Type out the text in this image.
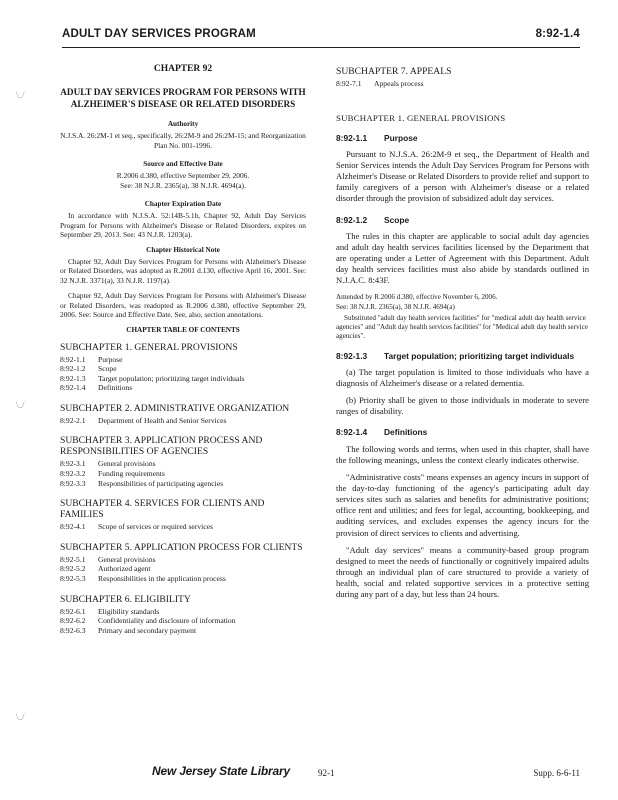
ADULT DAY SERVICES PROGRAM	8:92-1.4
\_/
\_/
\_/
CHAPTER 92
ADULT DAY SERVICES PROGRAM FOR PERSONS WITH ALZHEIMER'S DISEASE OR RELATED DISORDERS
Authority
N.J.S.A. 26:2M-1 et seq., specifically, 26:2M-9 and 26:2M-15; and Reorganization Plan No. 001-1996.
Source and Effective Date
R.2006 d.380, effective September 29, 2006.
See: 38 N.J.R. 2365(a), 38 N.J.R. 4694(a).
Chapter Expiration Date
In accordance with N.J.S.A. 52:14B-5.1b, Chapter 92, Adult Day Services Program for Persons with Alzheimer's Disease or Related Disorders, expires on September 29, 2013. See: 43 N.J.R. 1203(a).
Chapter Historical Note
Chapter 92, Adult Day Services Program for Persons with Alzheimer's Disease or Related Disorders, was adopted as R.2001 d.130, effective April 16, 2001. See: 32 N.J.R. 3371(a), 33 N.J.R. 1197(a).
Chapter 92, Adult Day Services Program for Persons with Alzheimer's Disease or Related Disorders, was readopted as R.2006 d.380, effective September 29, 2006. See: Source and Effective Date. See, also, section annotations.
CHAPTER TABLE OF CONTENTS
SUBCHAPTER 1. GENERAL PROVISIONS
8:92-1.1	Purpose
8:92-1.2	Scope
8:92-1.3	Target population; prioritizing target individuals
8:92-1.4	Definitions
SUBCHAPTER 2. ADMINISTRATIVE ORGANIZATION
8:92-2.1	Department of Health and Senior Services
SUBCHAPTER 3. APPLICATION PROCESS AND RESPONSIBILITIES OF AGENCIES
8:92-3.1	General provisions
8:92-3.2	Funding requirements
8:92-3.3	Responsibilities of participating agencies
SUBCHAPTER 4. SERVICES FOR CLIENTS AND FAMILIES
8:92-4.1	Scope of services or required services
SUBCHAPTER 5. APPLICATION PROCESS FOR CLIENTS
8:92-5.1	General provisions
8:92-5.2	Authorized agent
8:92-5.3	Responsibilities in the application process
SUBCHAPTER 6. ELIGIBILITY
8:92-6.1	Eligibility standards
8:92-6.2	Confidentiality and disclosure of information
8:92-6.3	Primary and secondary payment
SUBCHAPTER 7. APPEALS
8:92-7.1	Appeals process
SUBCHAPTER 1. GENERAL PROVISIONS
8:92-1.1	Purpose

Pursuant to N.J.S.A. 26:2M-9 et seq., the Department of Health and Senior Services intends the Adult Day Services Program for Persons with Alzheimer's Disease or Related Disorders to provide relief and support to family caregivers of a person with Alzheimer's disease or a related disorder through the provision of subsidized adult day services.

8:92-1.2	Scope

The rules in this chapter are applicable to social adult day agencies and adult day health services facilities licensed by the Department that are operating under a Letter of Agreement with this Department. Adult day health services facilities must also abide by standards outlined in N.J.A.C. 8:43F.

Amended by R.2006 d.380, effective November 6, 2006.
See: 38 N.J.R. 2365(a), 38 N.J.R. 4694(a)
Substituted "adult day health services facilities" for "medical adult day health service agencies" and "Adult day health services facilities" for "Medical adult day health service agencies".
8:92-1.3	Target population; prioritizing target individuals

(a) The target population is limited to those individuals who have a diagnosis of Alzheimer's disease or a related dementia.

(b) Priority shall be given to those individuals in moderate to severe ranges of disability.

8:92-1.4	Definitions

The following words and terms, when used in this chapter, shall have the following meanings, unless the context clearly indicates otherwise.

"Administrative costs" means expenses an agency incurs in support of the day-to-day functioning of the agency's participating adult day services sites such as salaries and benefits for administrative positions; office rent and utilities; and fees for legal, accounting, bookkeeping, and auditing services, and excludes expenses the agency incurs for the provision of direct services to clients and advertising.

"Adult day services" means a community-based group program designed to meet the needs of functionally or cognitively impaired adults through an individual plan of care structured to provide a variety of health, social and related supportive services in a protective setting during any part of a day, but less than 24 hours.

New Jersey State Library	92-1	Supp. 6-6-11
